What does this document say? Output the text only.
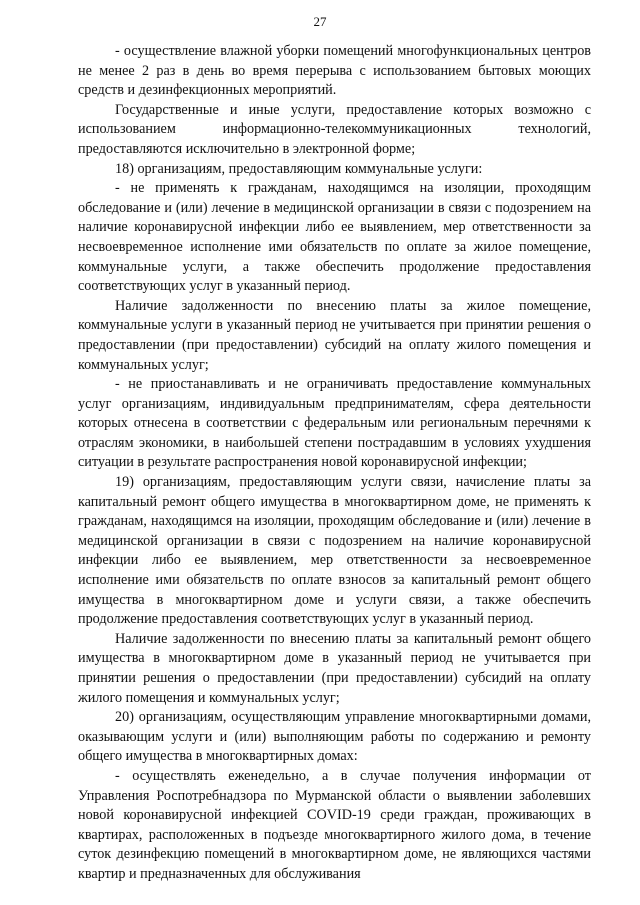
27

- осуществление влажной уборки помещений многофункциональных центров не менее 2 раз в день во время перерыва с использованием бытовых моющих средств и дезинфекционных мероприятий.

Государственные и иные услуги, предоставление которых возможно с использованием информационно-телекоммуникационных технологий, предоставляются исключительно в электронной форме;

18) организациям, предоставляющим коммунальные услуги:

- не применять к гражданам, находящимся на изоляции, проходящим обследование и (или) лечение в медицинской организации в связи с подозрением на наличие коронавирусной инфекции либо ее выявлением, мер ответственности за несвоевременное исполнение ими обязательств по оплате за жилое помещение, коммунальные услуги, а также обеспечить продолжение предоставления соответствующих услуг в указанный период.

Наличие задолженности по внесению платы за жилое помещение, коммунальные услуги в указанный период не учитывается при принятии решения о предоставлении (при предоставлении) субсидий на оплату жилого помещения и коммунальных услуг;

- не приостанавливать и не ограничивать предоставление коммунальных услуг организациям, индивидуальным предпринимателям, сфера деятельности которых отнесена в соответствии с федеральным или региональным перечнями к отраслям экономики, в наибольшей степени пострадавшим в условиях ухудшения ситуации в результате распространения новой коронавирусной инфекции;

19) организациям, предоставляющим услуги связи, начисление платы за капитальный ремонт общего имущества в многоквартирном доме, не применять к гражданам, находящимся на изоляции, проходящим обследование и (или) лечение в медицинской организации в связи с подозрением на наличие коронавирусной инфекции либо ее выявлением, мер ответственности за несвоевременное исполнение ими обязательств по оплате взносов за капитальный ремонт общего имущества в многоквартирном доме и услуги связи, а также обеспечить продолжение предоставления соответствующих услуг в указанный период.

Наличие задолженности по внесению платы за капитальный ремонт общего имущества в многоквартирном доме в указанный период не учитывается при принятии решения о предоставлении (при предоставлении) субсидий на оплату жилого помещения и коммунальных услуг;

20) организациям, осуществляющим управление многоквартирными домами, оказывающим услуги и (или) выполняющим работы по содержанию и ремонту общего имущества в многоквартирных домах:

- осуществлять еженедельно, а в случае получения информации от Управления Роспотребнадзора по Мурманской области о выявлении заболевших новой коронавирусной инфекцией COVID-19 среди граждан, проживающих в квартирах, расположенных в подъезде многоквартирного жилого дома, в течение суток дезинфекцию помещений в многоквартирном доме, не являющихся частями квартир и предназначенных для обслуживания
